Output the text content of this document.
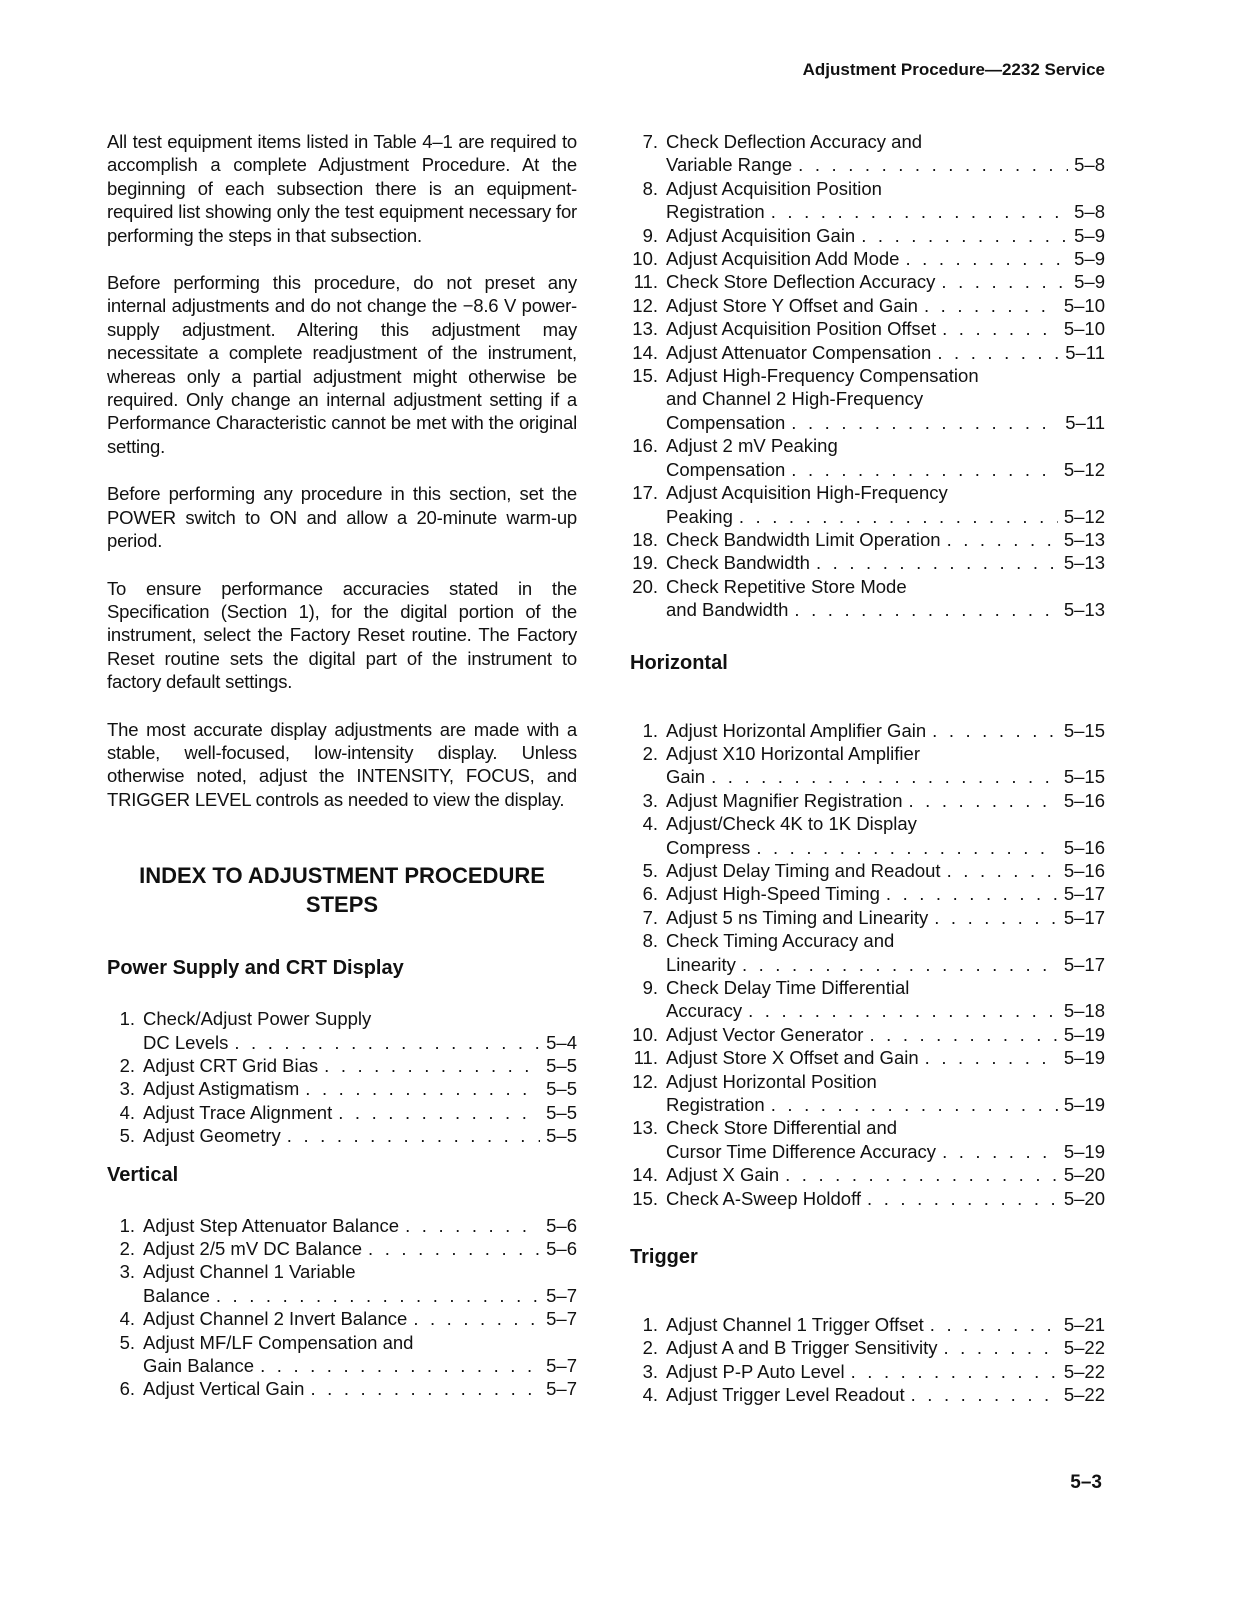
Adjustment Procedure—2232 Service

All test equipment items listed in Table 4–1 are required to accomplish a complete Adjustment Procedure. At the beginning of each subsection there is an equipment‐required list showing only the test equipment necessary for performing the steps in that subsection.

Before performing this procedure, do not preset any internal adjustments and do not change the −8.6 V power‐supply adjustment. Altering this adjustment may necessitate a complete readjustment of the instrument, whereas only a partial adjustment might otherwise be required. Only change an internal adjustment setting if a Performance Characteristic cannot be met with the original setting.

Before performing any procedure in this section, set the POWER switch to ON and allow a 20‐minute warm‐up period.

To ensure performance accuracies stated in the Specification (Section 1), for the digital portion of the instrument, select the Factory Reset routine. The Factory Reset routine sets the digital part of the instrument to factory default settings.

The most accurate display adjustments are made with a stable, well‐focused, low‐intensity display. Unless otherwise noted, adjust the INTENSITY, FOCUS, and TRIGGER LEVEL controls as needed to view the display.

INDEX TO ADJUSTMENT PROCEDURE
STEPS
Power Supply and CRT Display
1. Check/Adjust Power Supply
DC Levels . . .	5–4
2. Adjust CRT Grid Bias . . .	5–5
3. Adjust Astigmatism . . .	5–5
4. Adjust Trace Alignment . . .	5–5
5. Adjust Geometry . . .	5–5
Vertical
1. Adjust Step Attenuator Balance . . .	5–6
2. Adjust 2/5 mV DC Balance . . .	5–6
3. Adjust Channel 1 Variable
Balance . . .	5–7
4. Adjust Channel 2 Invert Balance . . .	5–7
5. Adjust MF/LF Compensation and
Gain Balance . . .	5–7
6. Adjust Vertical Gain . . .	5–7
7. Check Deflection Accuracy and
Variable Range . . .	5–8
8. Adjust Acquisition Position
Registration . . .	5–8
9. Adjust Acquisition Gain . . .	5–9
10. Adjust Acquisition Add Mode . . .	5–9
11. Check Store Deflection Accuracy . . .	5–9
12. Adjust Store Y Offset and Gain . . .	5–10
13. Adjust Acquisition Position Offset . . .	5–10
14. Adjust Attenuator Compensation . . .	5–11
15. Adjust High‐Frequency Compensation
and Channel 2 High‐Frequency
Compensation . . .	5–11
16. Adjust 2 mV Peaking
Compensation . . .	5–12
17. Adjust Acquisition High‐Frequency
Peaking . . .	5–12
18. Check Bandwidth Limit Operation . . .	5–13
19. Check Bandwidth . . .	5–13
20. Check Repetitive Store Mode
and Bandwidth . . .	5–13
Horizontal
1. Adjust Horizontal Amplifier Gain . . .	5–15
2. Adjust X10 Horizontal Amplifier
Gain . . .	5–15
3. Adjust Magnifier Registration . . .	5–16
4. Adjust/Check 4K to 1K Display
Compress . . .	5–16
5. Adjust Delay Timing and Readout . . .	5–16
6. Adjust High‐Speed Timing . . .	5–17
7. Adjust 5 ns Timing and Linearity . . .	5–17
8. Check Timing Accuracy and
Linearity . . .	5–17
9. Check Delay Time Differential
Accuracy . . .	5–18
10. Adjust Vector Generator . . .	5–19
11. Adjust Store X Offset and Gain . . .	5–19
12. Adjust Horizontal Position
Registration . . .	5–19
13. Check Store Differential and
Cursor Time Difference Accuracy . . .	5–19
14. Adjust X Gain . . .	5–20
15. Check A‐Sweep Holdoff . . .	5–20
Trigger
1. Adjust Channel 1 Trigger Offset . . .	5–21
2. Adjust A and B Trigger Sensitivity . . .	5–22
3. Adjust P‐P Auto Level . . .	5–22
4. Adjust Trigger Level Readout . . .	5–22
5–3
